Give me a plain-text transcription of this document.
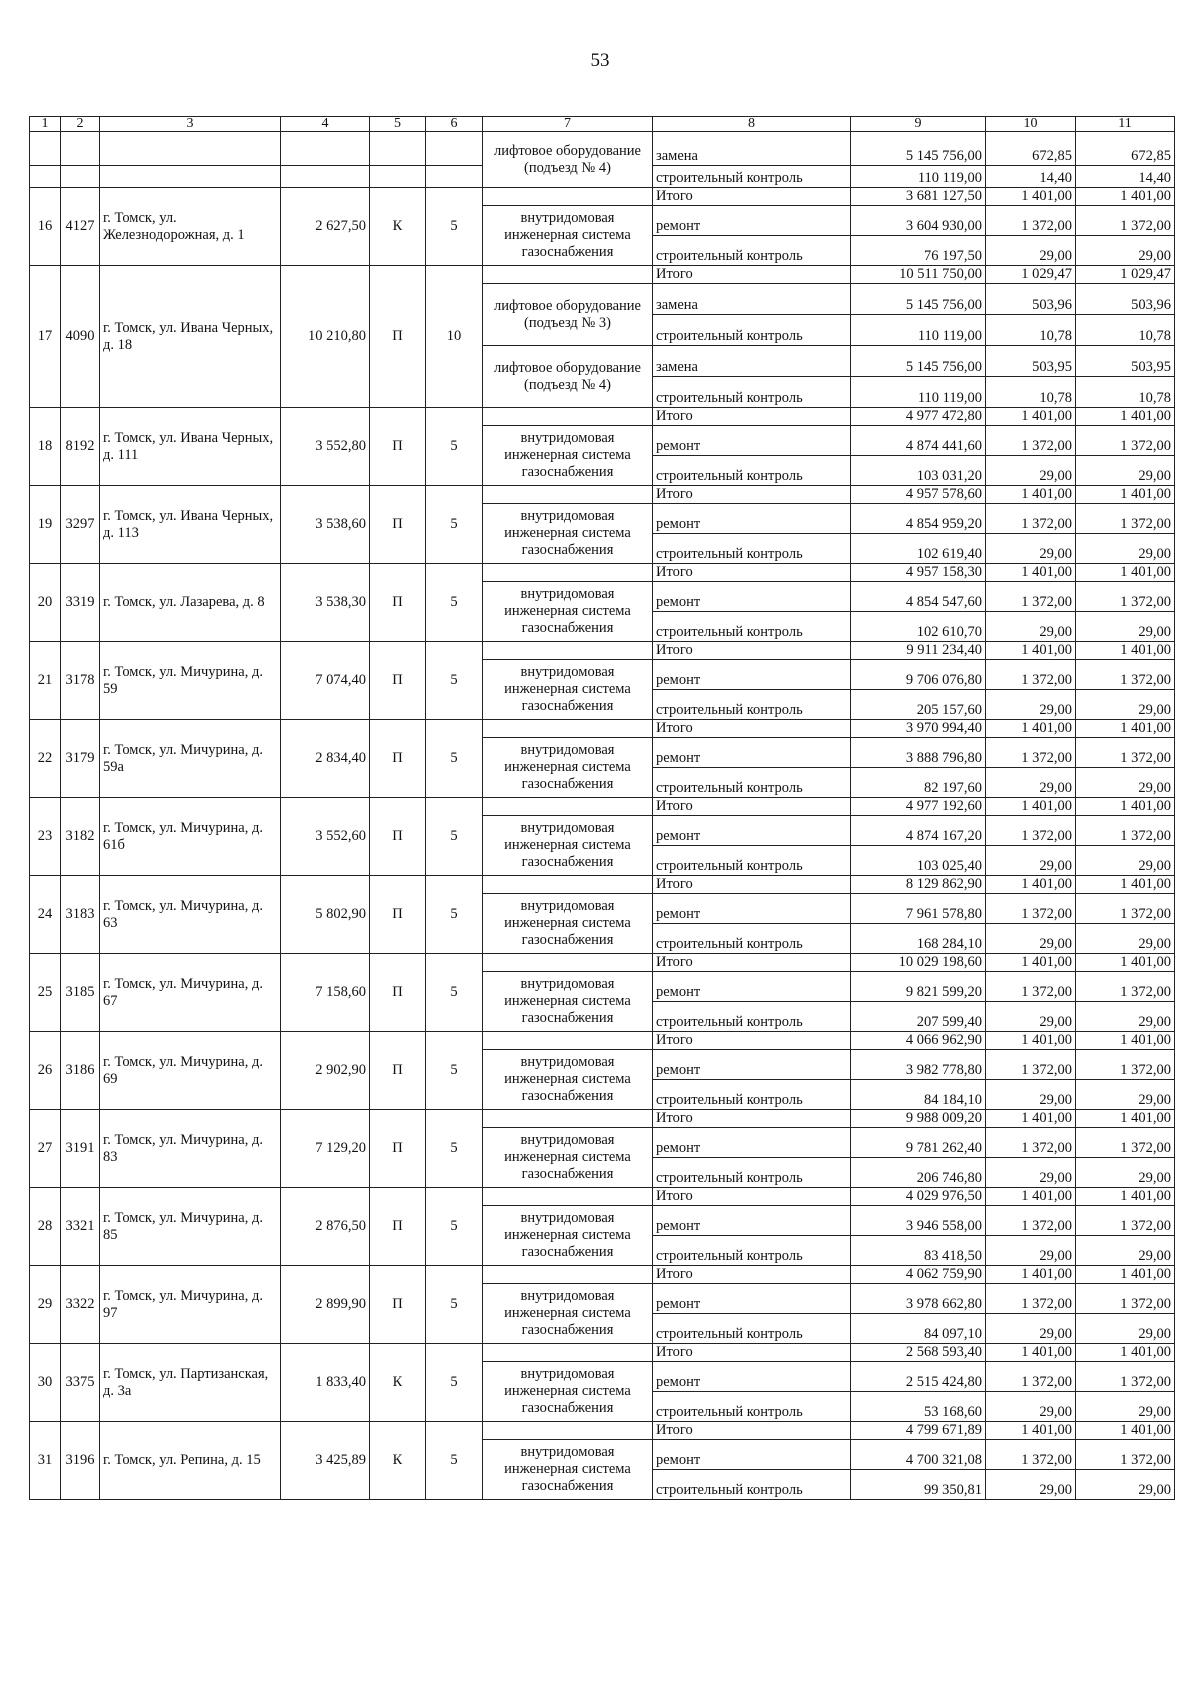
53
1	2	3	4	5	6	7	8	9	10	11
						лифтовое оборудование (подъезд № 4)	замена	5 145 756,00	672,85	672,85
							строительный контроль	110 119,00	14,40	14,40
16	4127	г. Томск, ул. Железнодорожная, д. 1	2 627,50	К	5		Итого	3 681 127,50	1 401,00	1 401,00
						внутридомовая инженерная система газоснабжения	ремонт	3 604 930,00	1 372,00	1 372,00
							строительный контроль	76 197,50	29,00	29,00
17	4090	г. Томск, ул. Ивана Черных, д. 18	10 210,80	П	10		Итого	10 511 750,00	1 029,47	1 029,47
						лифтовое оборудование (подъезд № 3)	замена	5 145 756,00	503,96	503,96
							строительный контроль	110 119,00	10,78	10,78
						лифтовое оборудование (подъезд № 4)	замена	5 145 756,00	503,95	503,95
							строительный контроль	110 119,00	10,78	10,78
18	8192	г. Томск, ул. Ивана Черных, д. 111	3 552,80	П	5		Итого	4 977 472,80	1 401,00	1 401,00
						внутридомовая инженерная система газоснабжения	ремонт	4 874 441,60	1 372,00	1 372,00
							строительный контроль	103 031,20	29,00	29,00
19	3297	г. Томск, ул. Ивана Черных, д. 113	3 538,60	П	5		Итого	4 957 578,60	1 401,00	1 401,00
						внутридомовая инженерная система газоснабжения	ремонт	4 854 959,20	1 372,00	1 372,00
							строительный контроль	102 619,40	29,00	29,00
20	3319	г. Томск, ул. Лазарева, д. 8	3 538,30	П	5		Итого	4 957 158,30	1 401,00	1 401,00
						внутридомовая инженерная система газоснабжения	ремонт	4 854 547,60	1 372,00	1 372,00
							строительный контроль	102 610,70	29,00	29,00
21	3178	г. Томск, ул. Мичурина, д. 59	7 074,40	П	5		Итого	9 911 234,40	1 401,00	1 401,00
						внутридомовая инженерная система газоснабжения	ремонт	9 706 076,80	1 372,00	1 372,00
							строительный контроль	205 157,60	29,00	29,00
22	3179	г. Томск, ул. Мичурина, д. 59а	2 834,40	П	5		Итого	3 970 994,40	1 401,00	1 401,00
						внутридомовая инженерная система газоснабжения	ремонт	3 888 796,80	1 372,00	1 372,00
							строительный контроль	82 197,60	29,00	29,00
23	3182	г. Томск, ул. Мичурина, д. 61б	3 552,60	П	5		Итого	4 977 192,60	1 401,00	1 401,00
						внутридомовая инженерная система газоснабжения	ремонт	4 874 167,20	1 372,00	1 372,00
							строительный контроль	103 025,40	29,00	29,00
24	3183	г. Томск, ул. Мичурина, д. 63	5 802,90	П	5		Итого	8 129 862,90	1 401,00	1 401,00
						внутридомовая инженерная система газоснабжения	ремонт	7 961 578,80	1 372,00	1 372,00
							строительный контроль	168 284,10	29,00	29,00
25	3185	г. Томск, ул. Мичурина, д. 67	7 158,60	П	5		Итого	10 029 198,60	1 401,00	1 401,00
						внутридомовая инженерная система газоснабжения	ремонт	9 821 599,20	1 372,00	1 372,00
							строительный контроль	207 599,40	29,00	29,00
26	3186	г. Томск, ул. Мичурина, д. 69	2 902,90	П	5		Итого	4 066 962,90	1 401,00	1 401,00
						внутридомовая инженерная система газоснабжения	ремонт	3 982 778,80	1 372,00	1 372,00
							строительный контроль	84 184,10	29,00	29,00
27	3191	г. Томск, ул. Мичурина, д. 83	7 129,20	П	5		Итого	9 988 009,20	1 401,00	1 401,00
						внутридомовая инженерная система газоснабжения	ремонт	9 781 262,40	1 372,00	1 372,00
							строительный контроль	206 746,80	29,00	29,00
28	3321	г. Томск, ул. Мичурина, д. 85	2 876,50	П	5		Итого	4 029 976,50	1 401,00	1 401,00
						внутридомовая инженерная система газоснабжения	ремонт	3 946 558,00	1 372,00	1 372,00
							строительный контроль	83 418,50	29,00	29,00
29	3322	г. Томск, ул. Мичурина, д. 97	2 899,90	П	5		Итого	4 062 759,90	1 401,00	1 401,00
						внутридомовая инженерная система газоснабжения	ремонт	3 978 662,80	1 372,00	1 372,00
							строительный контроль	84 097,10	29,00	29,00
30	3375	г. Томск, ул. Партизанская, д. 3а	1 833,40	К	5		Итого	2 568 593,40	1 401,00	1 401,00
						внутридомовая инженерная система газоснабжения	ремонт	2 515 424,80	1 372,00	1 372,00
							строительный контроль	53 168,60	29,00	29,00
31	3196	г. Томск, ул. Репина, д. 15	3 425,89	К	5		Итого	4 799 671,89	1 401,00	1 401,00
						внутридомовая инженерная система газоснабжения	ремонт	4 700 321,08	1 372,00	1 372,00
							строительный контроль	99 350,81	29,00	29,00
